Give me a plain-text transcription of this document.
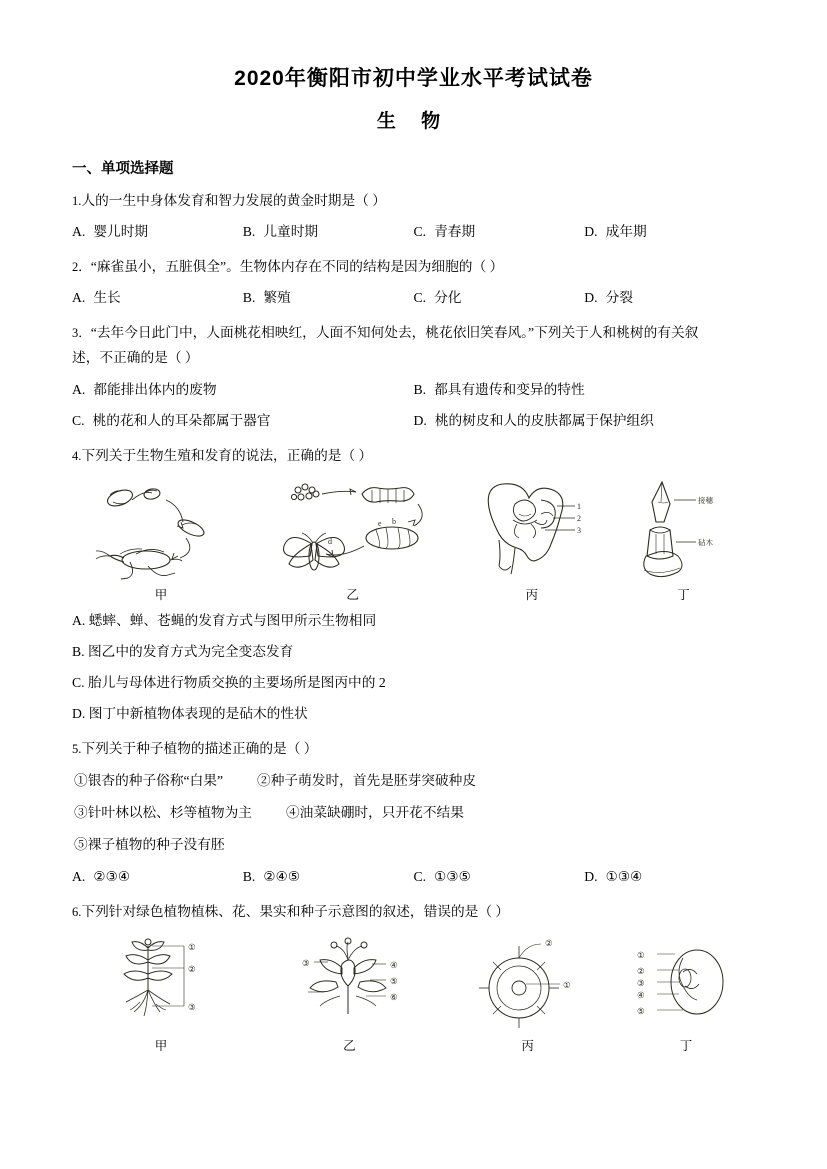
2020年衡阳市初中学业水平考试试卷
生 物
一、单项选择题
1.人的一生中身体发育和智力发展的黄金时期是（ ）
A. 婴儿时期	B. 儿童时期	C. 青春期	D. 成年期
2．“麻雀虽小，五脏俱全”。生物体内存在不同的结构是因为细胞的（ ）
A. 生长	B. 繁殖	C. 分化	D. 分裂
3．“去年今日此门中，人面桃花相映红，人面不知何处去，桃花依旧笑春风。”下列关于人和桃树的有关叙
述，不正确的是（ ）
A. 都能排出体内的废物	B. 都具有遗传和变异的特性
C. 桃的花和人的耳朵都属于器官	D. 桃的树皮和人的皮肤都属于保护组织
4.下列关于生物生殖和发育的说法，正确的是（ ）
甲
b
d
e
乙
1
2
3
丙
接穗
砧木
丁
A. 蟋蟀、蝉、苍蝇的发育方式与图甲所示生物相同
B. 图乙中的发育方式为完全变态发育
C. 胎儿与母体进行物质交换的主要场所是图丙中的 2
D. 图丁中新植物体表现的是砧木的性状
5.下列关于种子植物的描述正确的是（ ）
①银杏的种子俗称“白果” ②种子萌发时，首先是胚芽突破种皮
③针叶林以松、杉等植物为主 ④油菜缺硼时，只开花不结果
⑤裸子植物的种子没有胚
A. ②③④	B. ②④⑤	C. ①③⑤	D. ①③④
6.下列针对绿色植物植株、花、果实和种子示意图的叙述，错误的是（ ）
①
②
③
甲
③	④
⑤
⑥
乙
①
②
丙
①
②
③
④
⑤
丁
